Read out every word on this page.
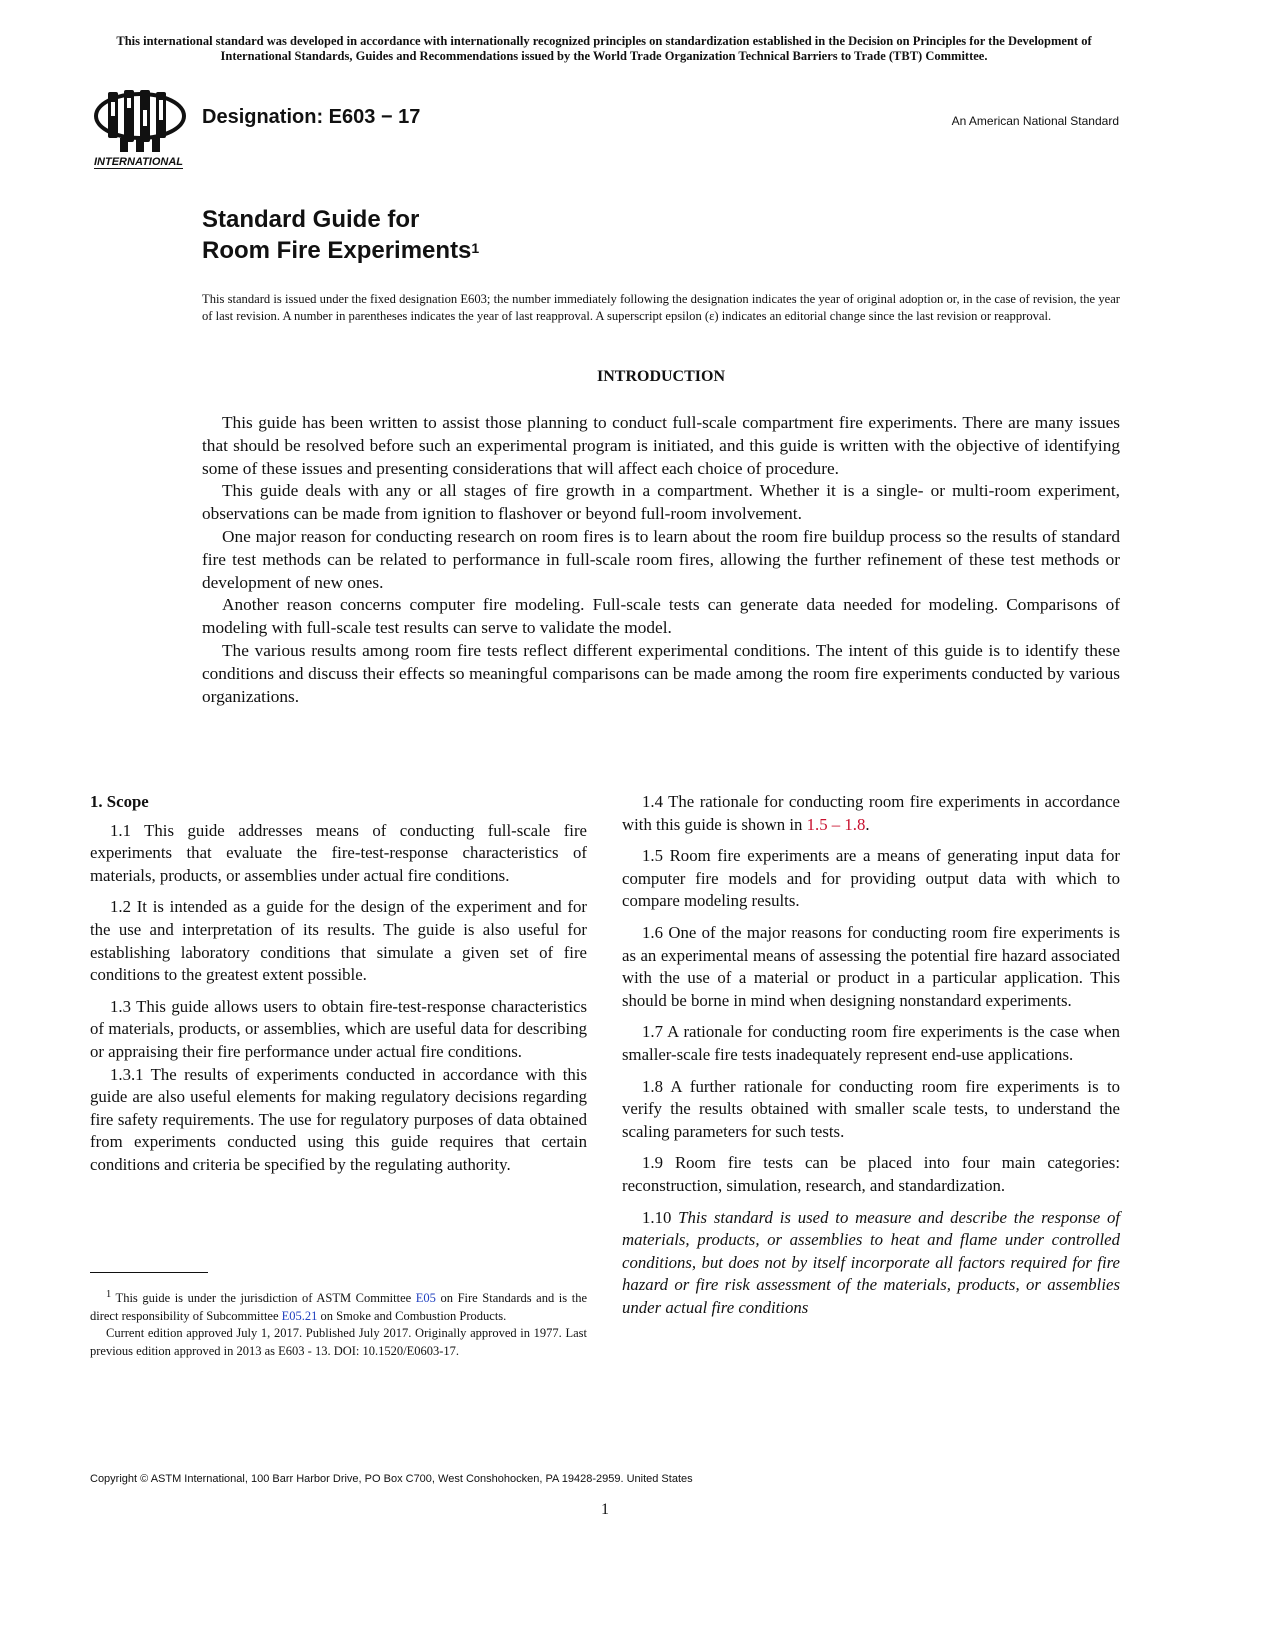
This international standard was developed in accordance with internationally recognized principles on standardization established in the Decision on Principles for the Development of International Standards, Guides and Recommendations issued by the World Trade Organization Technical Barriers to Trade (TBT) Committee.
INTERNATIONAL
Designation: E603 − 17	An American National Standard
Standard Guide for
Room Fire Experiments$^1$
This standard is issued under the fixed designation E603; the number immediately following the designation indicates the year of original adoption or, in the case of revision, the year of last revision. A number in parentheses indicates the year of last reapproval. A superscript epsilon (ε) indicates an editorial change since the last revision or reapproval.
INTRODUCTION

This guide has been written to assist those planning to conduct full-scale compartment fire experiments. There are many issues that should be resolved before such an experimental program is initiated, and this guide is written with the objective of identifying some of these issues and presenting considerations that will affect each choice of procedure.

This guide deals with any or all stages of fire growth in a compartment. Whether it is a single- or multi-room experiment, observations can be made from ignition to flashover or beyond full-room involvement.

One major reason for conducting research on room fires is to learn about the room fire buildup process so the results of standard fire test methods can be related to performance in full-scale room fires, allowing the further refinement of these test methods or development of new ones.

Another reason concerns computer fire modeling. Full-scale tests can generate data needed for modeling. Comparisons of modeling with full-scale test results can serve to validate the model.

The various results among room fire tests reflect different experimental conditions. The intent of this guide is to identify these conditions and discuss their effects so meaningful comparisons can be made among the room fire experiments conducted by various organizations.

1. Scope

1.1 This guide addresses means of conducting full-scale fire experiments that evaluate the fire-test-response characteristics of materials, products, or assemblies under actual fire conditions.

1.2 It is intended as a guide for the design of the experiment and for the use and interpretation of its results. The guide is also useful for establishing laboratory conditions that simulate a given set of fire conditions to the greatest extent possible.

1.3 This guide allows users to obtain fire-test-response characteristics of materials, products, or assemblies, which are useful data for describing or appraising their fire performance under actual fire conditions.

1.3.1 The results of experiments conducted in accordance with this guide are also useful elements for making regulatory decisions regarding fire safety requirements. The use for regulatory purposes of data obtained from experiments conducted using this guide requires that certain conditions and criteria be specified by the regulating authority.

$^1$ This guide is under the jurisdiction of ASTM Committee E05 on Fire Standards and is the direct responsibility of Subcommittee E05.21 on Smoke and Combustion Products.

Current edition approved July 1, 2017. Published July 2017. Originally approved in 1977. Last previous edition approved in 2013 as E603 - 13. DOI: 10.1520/E0603-17.

1.4 The rationale for conducting room fire experiments in accordance with this guide is shown in 1.5 – 1.8.

1.5 Room fire experiments are a means of generating input data for computer fire models and for providing output data with which to compare modeling results.

1.6 One of the major reasons for conducting room fire experiments is as an experimental means of assessing the potential fire hazard associated with the use of a material or product in a particular application. This should be borne in mind when designing nonstandard experiments.

1.7 A rationale for conducting room fire experiments is the case when smaller-scale fire tests inadequately represent end-use applications.

1.8 A further rationale for conducting room fire experiments is to verify the results obtained with smaller scale tests, to understand the scaling parameters for such tests.

1.9 Room fire tests can be placed into four main categories: reconstruction, simulation, research, and standardization.

1.10 This standard is used to measure and describe the response of materials, products, or assemblies to heat and flame under controlled conditions, but does not by itself incorporate all factors required for fire hazard or fire risk assessment of the materials, products, or assemblies under actual fire conditions

Copyright © ASTM International, 100 Barr Harbor Drive, PO Box C700, West Conshohocken, PA 19428-2959. United States
1
